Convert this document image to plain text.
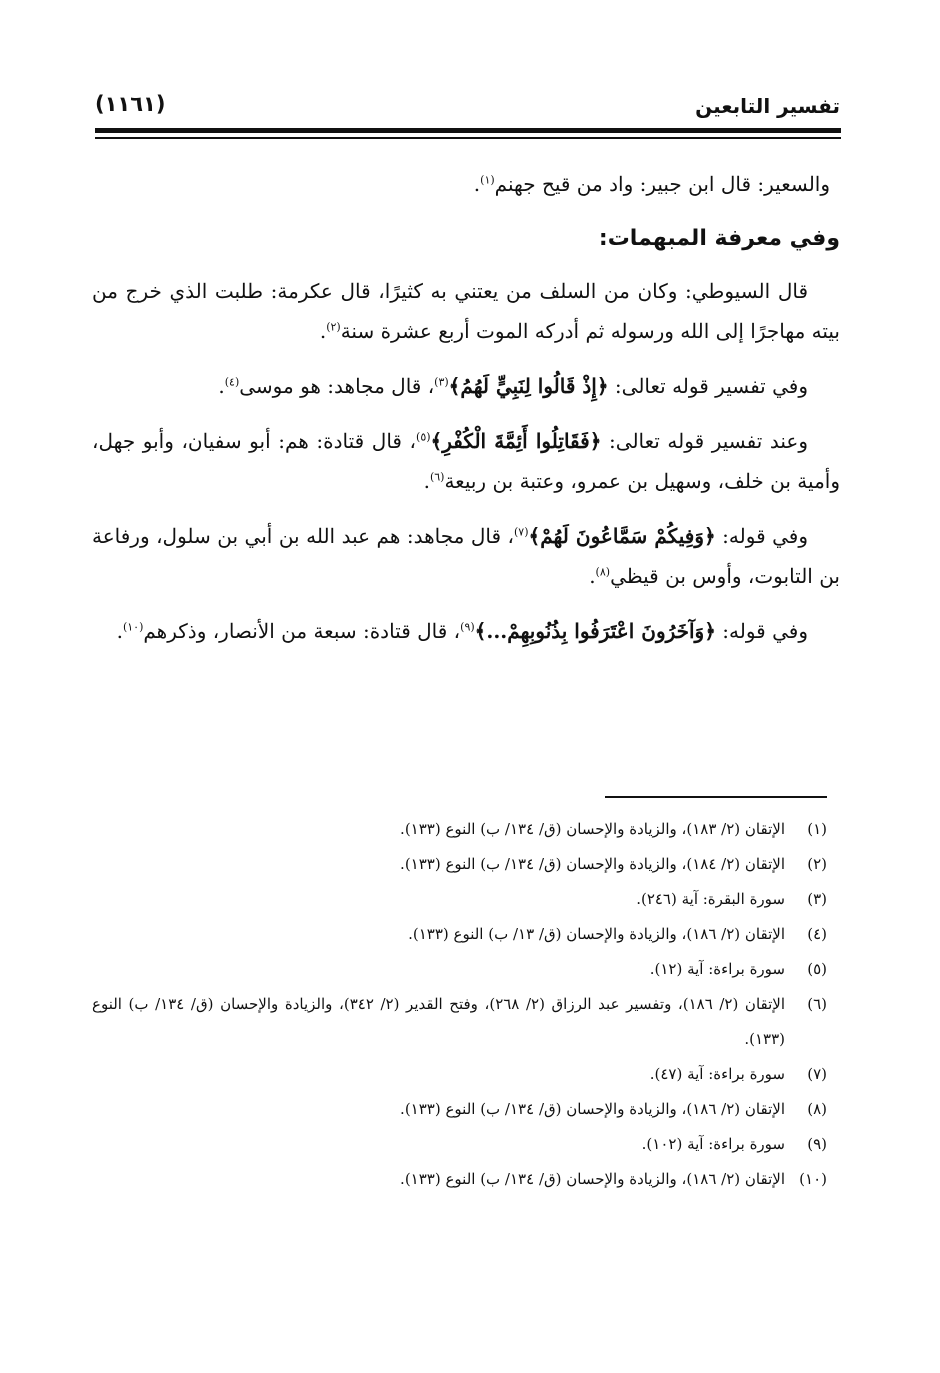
تفسير التابعين
(١١٦١)

والسعير: قال ابن جبير: واد من قيح جهنم$^{(١)}$.

وفي معرفة المبهمات:

قال السيوطي: وكان من السلف من يعتني به كثيرًا، قال عكرمة: طلبت الذي خرج من بيته مهاجرًا إلى الله ورسوله ثم أدركه الموت أربع عشرة سنة$^{(٢)}$.

وفي تفسير قوله تعالى: ﴿إِذْ قَالُوا لِنَبِيٍّ لَهُمُ﴾$^{(٣)}$، قال مجاهد: هو موسى$^{(٤)}$.

وعند تفسير قوله تعالى: ﴿فَقَاتِلُوا أَئِمَّةَ الْكُفْرِ﴾$^{(٥)}$، قال قتادة: هم: أبو سفيان، وأبو جهل، وأمية بن خلف، وسهيل بن عمرو، وعتبة بن ربيعة$^{(٦)}$.

وفي قوله: ﴿وَفِيكُمْ سَمَّاعُونَ لَهُمْ﴾$^{(٧)}$، قال مجاهد: هم عبد الله بن أبي بن سلول، ورفاعة بن التابوت، وأوس بن قيظي$^{(٨)}$.

وفي قوله: ﴿وَآخَرُونَ اعْتَرَفُوا بِذُنُوبِهِمْ...﴾$^{(٩)}$، قال قتادة: سبعة من الأنصار، وذكرهم$^{(١٠)}$.

(١)
الإتقان (٢/ ١٨٣)، والزيادة والإحسان (ق/ ١٣٤/ ب) النوع (١٣٣).
(٢)
الإتقان (٢/ ١٨٤)، والزيادة والإحسان (ق/ ١٣٤/ ب) النوع (١٣٣).
(٣)
سورة البقرة: آية (٢٤٦).
(٤)
الإتقان (٢/ ١٨٦)، والزيادة والإحسان (ق/ ١٣/ ب) النوع (١٣٣).
(٥)
سورة براءة: آية (١٢).
(٦)
الإتقان (٢/ ١٨٦)، وتفسير عبد الرزاق (٢/ ٢٦٨)، وفتح القدير (٢/ ٣٤٢)، والزيادة والإحسان (ق/ ١٣٤/ ب) النوع (١٣٣).
(٧)
سورة براءة: آية (٤٧).
(٨)
الإتقان (٢/ ١٨٦)، والزيادة والإحسان (ق/ ١٣٤/ ب) النوع (١٣٣).
(٩)
سورة براءة: آية (١٠٢).
(١٠)
الإتقان (٢/ ١٨٦)، والزيادة والإحسان (ق/ ١٣٤/ ب) النوع (١٣٣).
